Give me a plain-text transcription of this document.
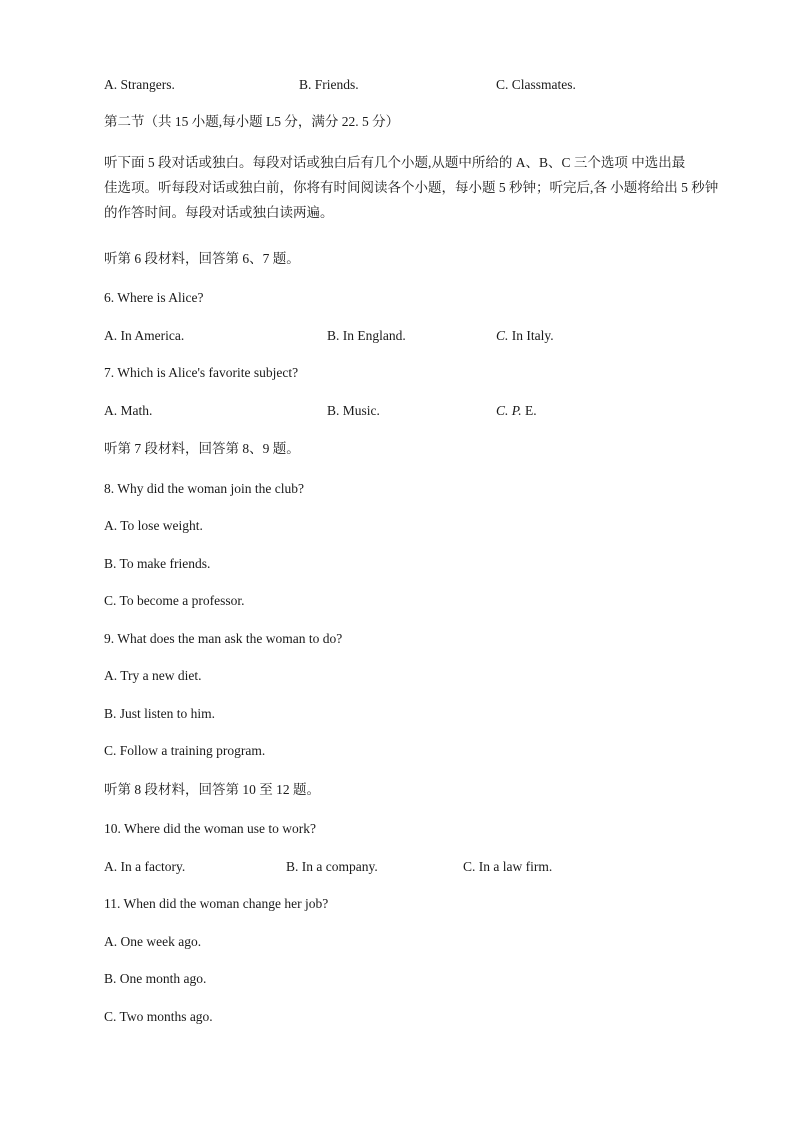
A. Strangers.	B. Friends.	C. Classmates.
第二节（共 15 小题,每小题 L5 分，满分 22. 5 分）
听下面 5 段对话或独白。每段对话或独白后有几个小题,从题中所给的 A、B、C 三个选项 中选出最
佳选项。听每段对话或独白前，你将有时间阅读各个小题，每小题 5 秒钟；听完后,各 小题将给出 5 秒钟
的作答时间。每段对话或独白读两遍。
听第 6 段材料，回答第 6、7 题。
6. Where is Alice?
A. In America.	B. In England.	C. In Italy.
7. Which is Alice's favorite subject?
A. Math.	B. Music.	C. P. E.
听第 7 段材料，回答第 8、9 题。
8. Why did the woman join the club?
A. To lose weight.
B. To make friends.
C. To become a professor.
9. What does the man ask the woman to do?
A. Try a new diet.
B. Just listen to him.
C. Follow a training program.
听第 8 段材料，回答第 10 至 12 题。
10. Where did the woman use to work?
A. In a factory.	B. In a company.	C. In a law firm.
11. When did the woman change her job?
A. One week ago.
B. One month ago.
C. Two months ago.
